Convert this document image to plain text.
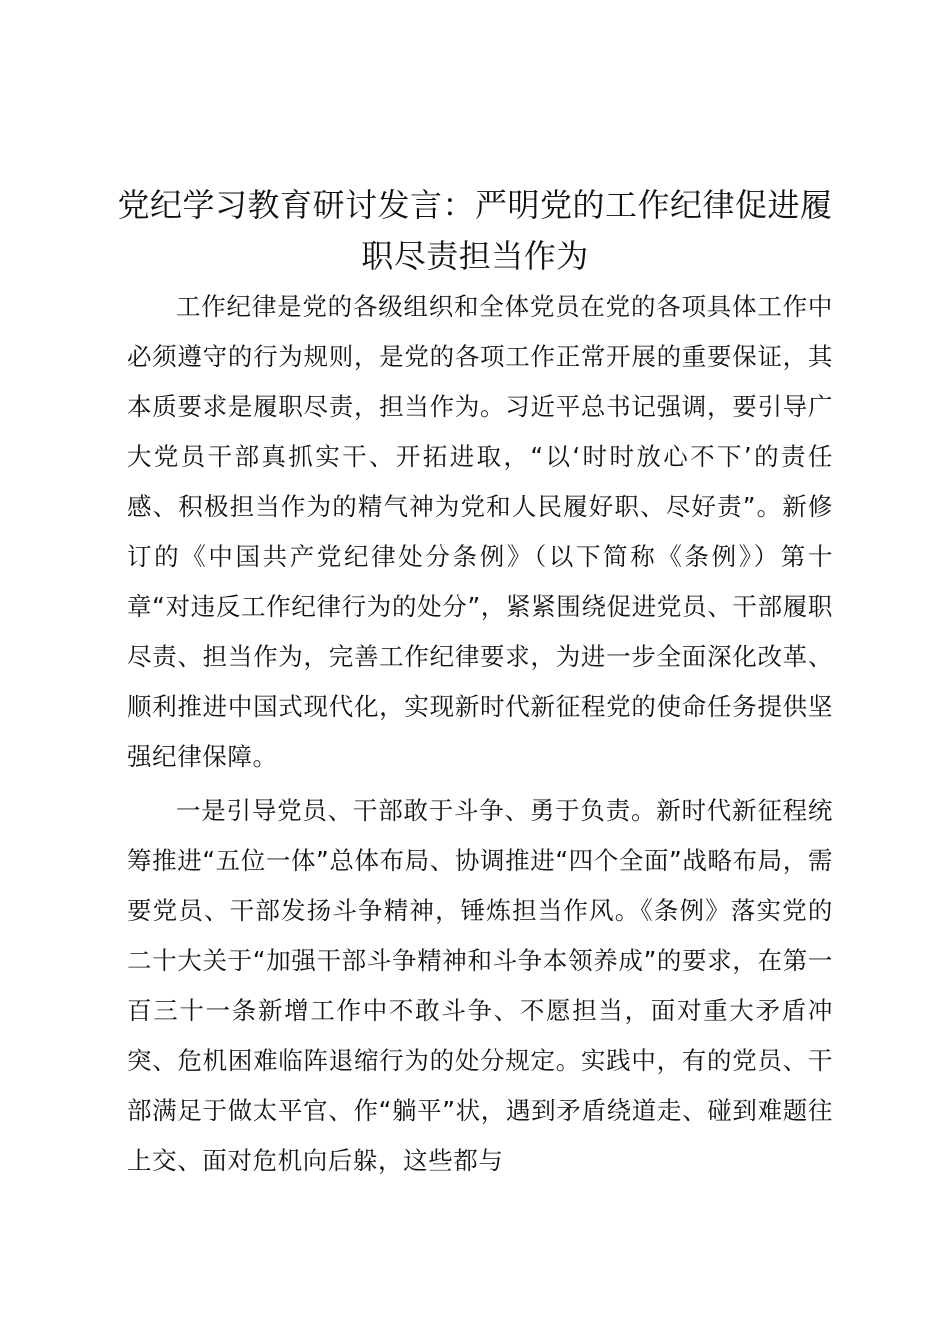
党纪学习教育研讨发言：严明党的工作纪律促进履职尽责担当作为

工作纪律是党的各级组织和全体党员在党的各项具体工作中必须遵守的行为规则，是党的各项工作正常开展的重要保证，其本质要求是履职尽责，担当作为。习近平总书记强调，要引导广大党员干部真抓实干、开拓进取，“以‘时时放心不下’的责任感、积极担当作为的精气神为党和人民履好职、尽好责”。新修订的《中国共产党纪律处分条例》（以下简称《条例》）第十章“对违反工作纪律行为的处分”，紧紧围绕促进党员、干部履职尽责、担当作为，完善工作纪律要求，为进一步全面深化改革、顺利推进中国式现代化，实现新时代新征程党的使命任务提供坚强纪律保障。

一是引导党员、干部敢于斗争、勇于负责。新时代新征程统筹推进“五位一体”总体布局、协调推进“四个全面”战略布局，需要党员、干部发扬斗争精神，锤炼担当作风。《条例》落实党的二十大关于“加强干部斗争精神和斗争本领养成”的要求，在第一百三十一条新增工作中不敢斗争、不愿担当，面对重大矛盾冲突、危机困难临阵退缩行为的处分规定。实践中，有的党员、干部满足于做太平官、作“躺平”状，遇到矛盾绕道走、碰到难题往上交、面对危机向后躲，这些都与
